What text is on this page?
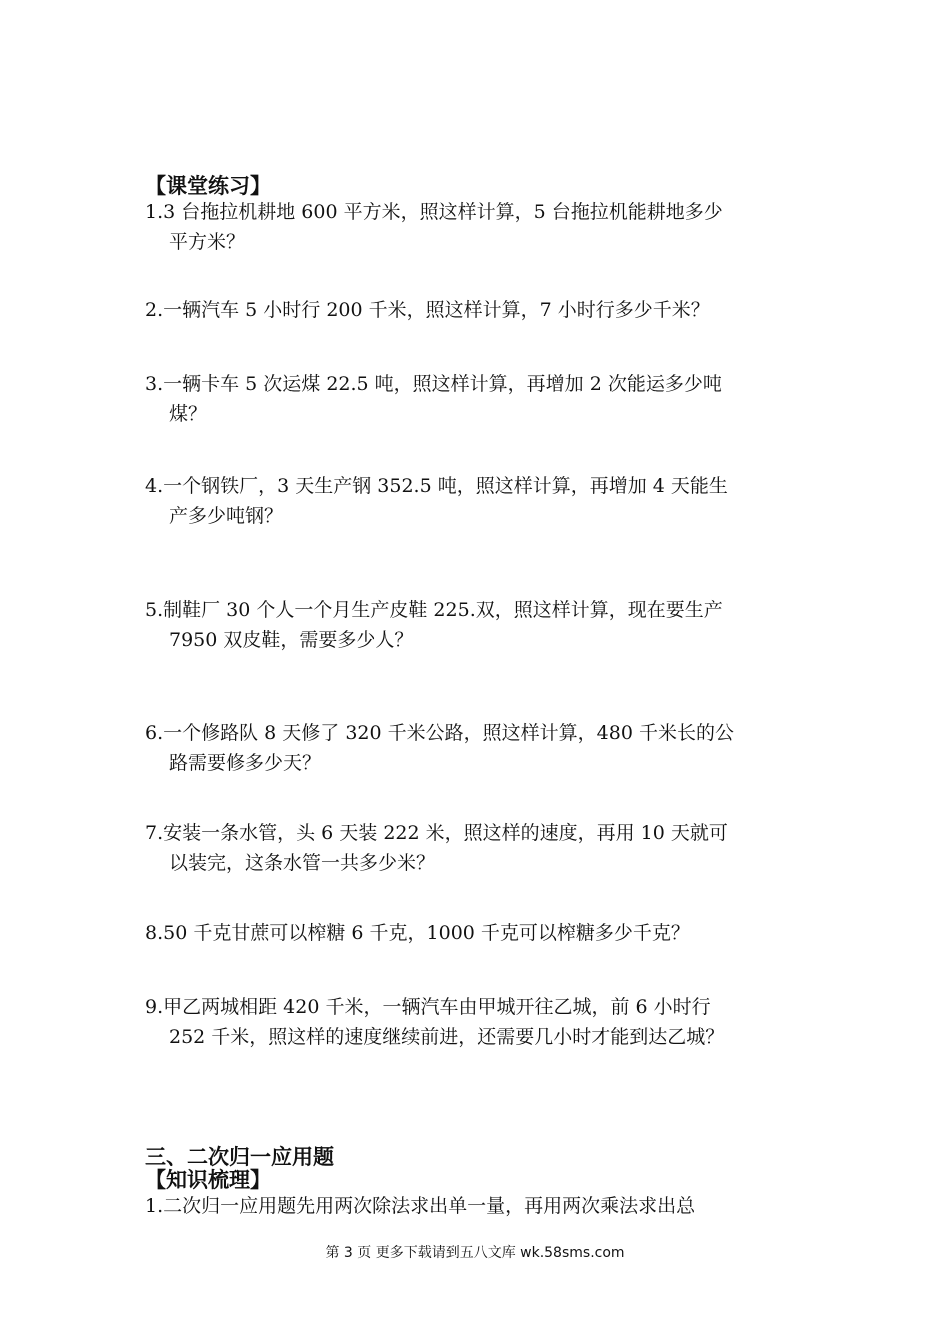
【课堂练习】
1.3 台拖拉机耕地 600 平方米，照这样计算，5 台拖拉机能耕地多少
平方米？
2.一辆汽车 5 小时行 200 千米，照这样计算，7 小时行多少千米？
3.一辆卡车 5 次运煤 22.5 吨，照这样计算，再增加 2 次能运多少吨
煤？
4.一个钢铁厂，3 天生产钢 352.5 吨，照这样计算，再增加 4 天能生
产多少吨钢？
5.制鞋厂 30 个人一个月生产皮鞋 225.双，照这样计算，现在要生产
7950 双皮鞋，需要多少人？
6.一个修路队 8 天修了 320 千米公路，照这样计算，480 千米长的公
路需要修多少天？
7.安装一条水管，头 6 天装 222 米，照这样的速度，再用 10 天就可
以装完，这条水管一共多少米？
8.50 千克甘蔗可以榨糖 6 千克，1000 千克可以榨糖多少千克？
9.甲乙两城相距 420 千米，一辆汽车由甲城开往乙城，前 6 小时行
252 千米，照这样的速度继续前进，还需要几小时才能到达乙城？
三、二次归一应用题
【知识梳理】
1.二次归一应用题先用两次除法求出单一量，再用两次乘法求出总
第 3 页 更多下载请到五八文库 wk.58sms.com
